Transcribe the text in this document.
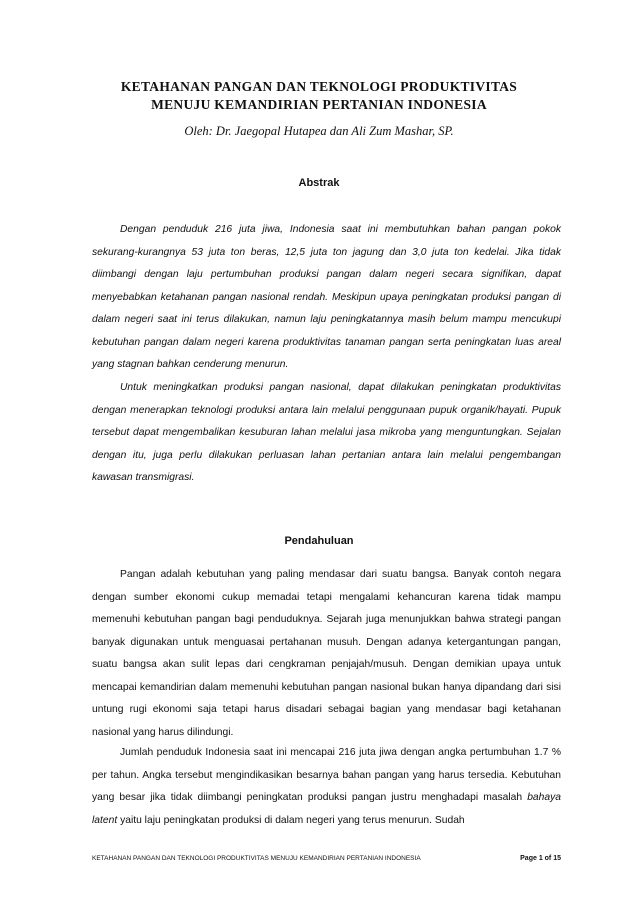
KETAHANAN PANGAN DAN TEKNOLOGI PRODUKTIVITAS
MENUJU KEMANDIRIAN PERTANIAN INDONESIA
Oleh: Dr. Jaegopal Hutapea dan Ali Zum Mashar, SP.
Abstrak

Dengan penduduk 216 juta jiwa, Indonesia saat ini membutuhkan bahan pangan pokok sekurang-kurangnya 53 juta ton beras, 12,5 juta ton jagung dan 3,0 juta ton kedelai. Jika tidak diimbangi dengan laju pertumbuhan produksi pangan dalam negeri secara signifikan, dapat menyebabkan ketahanan pangan nasional rendah. Meskipun upaya peningkatan produksi pangan di dalam negeri saat ini terus dilakukan, namun laju peningkatannya masih belum mampu mencukupi kebutuhan pangan dalam negeri karena produktivitas tanaman pangan serta peningkatan luas areal yang stagnan bahkan cenderung menurun.

Untuk meningkatkan produksi pangan nasional, dapat dilakukan peningkatan produktivitas dengan menerapkan teknologi produksi antara lain melalui penggunaan pupuk organik/hayati. Pupuk tersebut dapat mengembalikan kesuburan lahan melalui jasa mikroba yang menguntungkan. Sejalan dengan itu, juga perlu dilakukan perluasan lahan pertanian antara lain melalui pengembangan kawasan transmigrasi.

Pendahuluan

Pangan adalah kebutuhan yang paling mendasar dari suatu bangsa. Banyak contoh negara dengan sumber ekonomi cukup memadai tetapi mengalami kehancuran karena tidak mampu memenuhi kebutuhan pangan bagi penduduknya. Sejarah juga menunjukkan bahwa strategi pangan banyak digunakan untuk menguasai pertahanan musuh. Dengan adanya ketergantungan pangan, suatu bangsa akan sulit lepas dari cengkraman penjajah/musuh. Dengan demikian upaya untuk mencapai kemandirian dalam memenuhi kebutuhan pangan nasional bukan hanya dipandang dari sisi untung rugi ekonomi saja tetapi harus disadari sebagai bagian yang mendasar bagi ketahanan nasional yang harus dilindungi.

Jumlah penduduk Indonesia saat ini mencapai 216 juta jiwa dengan angka pertumbuhan 1.7 % per tahun. Angka tersebut mengindikasikan besarnya bahan pangan yang harus tersedia. Kebutuhan yang besar jika tidak diimbangi peningkatan produksi pangan justru menghadapi masalah bahaya latent yaitu laju peningkatan produksi di dalam negeri yang terus menurun. Sudah

KETAHANAN PANGAN DAN TEKNOLOGI PRODUKTIVITAS MENUJU KEMANDIRIAN PERTANIAN INDONESIA	Page 1 of 15
